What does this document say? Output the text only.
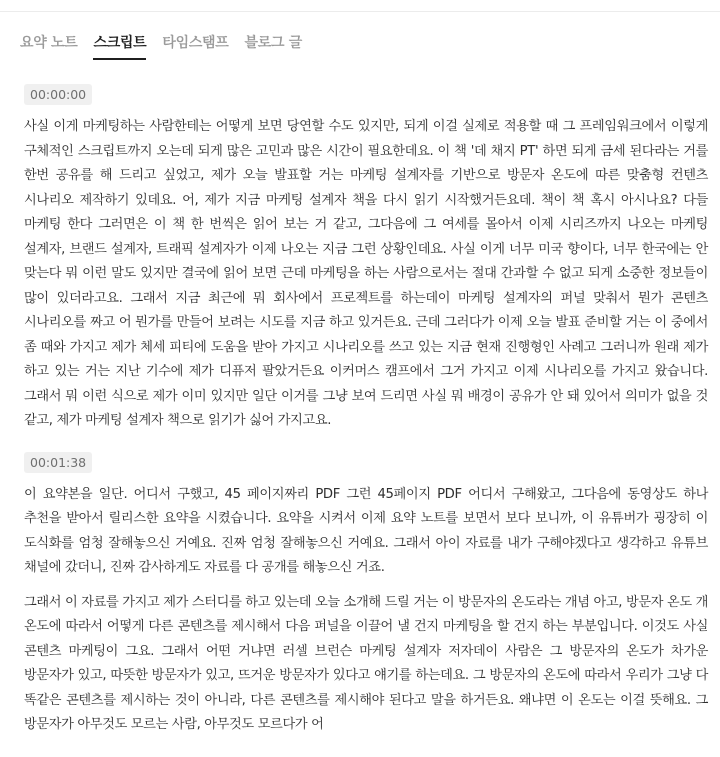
요약 노트 스크립트 타임스탬프 블로그 글
00:00:00

사실 이게 마케팅하는 사람한테는 어떻게 보면 당연할 수도 있지만, 되게 이걸 실제로 적용할 때 그 프레임워크에서 이렇게 구체적인 스크립트까지 오는데 되게 많은 고민과 많은 시간이 필요한데요. 이 책 '데 채지 PT' 하면 되게 금세 된다라는 거를 한번 공유를 해 드리고 싶었고, 제가 오늘 발표할 거는 마케팅 설계자를 기반으로 방문자 온도에 따른 맞춤형 컨텐츠 시나리오 제작하기 있데요. 어, 제가 지금 마케팅 설계자 책을 다시 읽기 시작했거든요데. 책이 책 혹시 아시나요? 다들 마케팅 한다 그러면은 이 책 한 번씩은 읽어 보는 거 같고, 그다음에 그 여세를 몰아서 이제 시리즈까지 나오는 마케팅 설계자, 브랜드 설계자, 트래픽 설계자가 이제 나오는 지금 그런 상황인데요. 사실 이게 너무 미국 향이다, 너무 한국에는 안 맞는다 뭐 이런 말도 있지만 결국에 읽어 보면 근데 마케팅을 하는 사람으로서는 절대 간과할 수 없고 되게 소중한 정보들이 많이 있더라고요. 그래서 지금 최근에 뭐 회사에서 프로젝트를 하는데이 마케팅 설계자의 퍼널 맞춰서 뭔가 콘텐츠 시나리오를 짜고 어 뭔가를 만들어 보려는 시도를 지금 하고 있거든요. 근데 그러다가 이제 오늘 발표 준비할 거는 이 중에서 좀 때와 가지고 제가 체세 피티에 도움을 받아 가지고 시나리오를 쓰고 있는 지금 현재 진행형인 사례고 그러니까 원래 제가 하고 있는 거는 지난 기수에 제가 디퓨저 팔았거든요 이커머스 캠프에서 그거 가지고 이제 시나리오를 가지고 왔습니다. 그래서 뭐 이런 식으로 제가 이미 있지만 일단 이거를 그냥 보여 드리면 사실 뭐 배경이 공유가 안 돼 있어서 의미가 없을 것 같고, 제가 마케팅 설계자 책으로 읽기가 싫어 가지고요.

00:01:38

이 요약본을 일단. 어디서 구했고, 45 페이지짜리 PDF 그런 45페이지 PDF 어디서 구해왔고, 그다음에 동영상도 하나 추천을 받아서 릴리스한 요약을 시켰습니다. 요약을 시켜서 이제 요약 노트를 보면서 보다 보니까, 이 유튜버가 굉장히 이 도식화를 엄청 잘해놓으신 거예요. 진짜 엄청 잘해놓으신 거예요. 그래서 아이 자료를 내가 구해야겠다고 생각하고 유튜브 채널에 갔더니, 진짜 감사하게도 자료를 다 공개를 해놓으신 거죠.

그래서 이 자료를 가지고 제가 스터디를 하고 있는데 오늘 소개해 드릴 거는 이 방문자의 온도라는 개념 아고, 방문자 온도 개 온도에 따라서 어떻게 다른 콘텐츠를 제시해서 다음 퍼널을 이끌어 낼 건지 마케팅을 할 건지 하는 부분입니다. 이것도 사실 콘텐츠 마케팅이 그요. 그래서 어떤 거냐면 러셀 브런슨 마케팅 설계자 저자데이 사람은 그 방문자의 온도가 차가운 방문자가 있고, 따뜻한 방문자가 있고, 뜨거운 방문자가 있다고 얘기를 하는데요. 그 방문자의 온도에 따라서 우리가 그냥 다 똑같은 콘텐츠를 제시하는 것이 아니라, 다른 콘텐츠를 제시해야 된다고 말을 하거든요. 왜냐면 이 온도는 이걸 뜻해요. 그 방문자가 아무것도 모르는 사람, 아무것도 모르다가 어
